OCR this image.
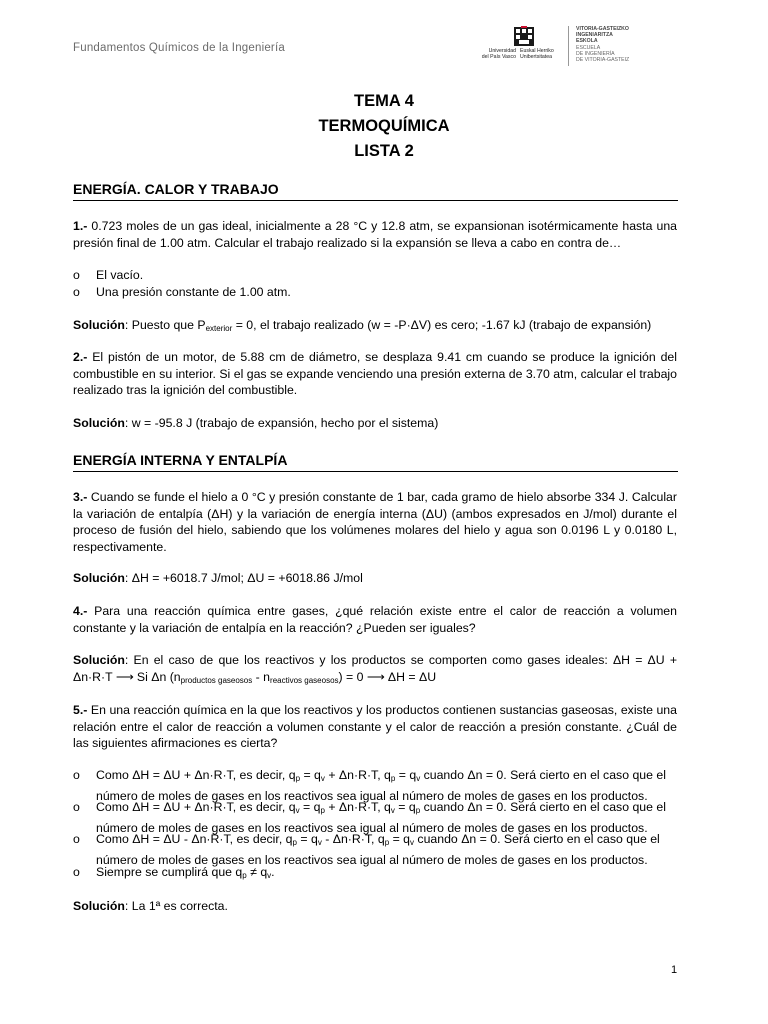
Fundamentos Químicos de la Ingeniería	Universidad
del País Vasco
Euskal Herriko
Unibertsitatea
VITORIA-GASTEIZKO
INGENIARITZA
ESKOLA
ESCUELA
DE INGENIERÍA
DE VITORIA-GASTEIZ
TEMA 4
TERMOQUÍMICA
LISTA 2
ENERGÍA. CALOR Y TRABAJO
1.- 0.723 moles de un gas ideal, inicialmente a 28 °C y 12.8 atm, se expansionan isotérmicamente hasta una presión final de 1.00 atm. Calcular el trabajo realizado si la expansión se lleva a cabo en contra de…
o El vacío.
o Una presión constante de 1.00 atm.
Solución: Puesto que $P_{exterior} = 0$, el trabajo realizado (w = -P·ΔV) es cero; -1.67 kJ (trabajo de expansión)
2.- El pistón de un motor, de 5.88 cm de diámetro, se desplaza 9.41 cm cuando se produce la ignición del combustible en su interior. Si el gas se expande venciendo una presión externa de 3.70 atm, calcular el trabajo realizado tras la ignición del combustible.
Solución: w = -95.8 J (trabajo de expansión, hecho por el sistema)
ENERGÍA INTERNA Y ENTALPÍA
3.- Cuando se funde el hielo a 0 °C y presión constante de 1 bar, cada gramo de hielo absorbe 334 J. Calcular la variación de entalpía (ΔH) y la variación de energía interna (ΔU) (ambos expresados en J/mol) durante el proceso de fusión del hielo, sabiendo que los volúmenes molares del hielo y agua son 0.0196 L y 0.0180 L, respectivamente.
Solución: ΔH = +6018.7 J/mol; ΔU = +6018.86 J/mol
4.- Para una reacción química entre gases, ¿qué relación existe entre el calor de reacción a volumen constante y la variación de entalpía en la reacción? ¿Pueden ser iguales?
Solución: En el caso de que los reactivos y los productos se comporten como gases ideales: ΔH = ΔU + Δn·R·T ⟶ Si Δn $(n_{productos gaseosos} - n_{reactivos gaseosos}) = 0$ ⟶ ΔH = ΔU
5.- En una reacción química en la que los reactivos y los productos contienen sustancias gaseosas, existe una relación entre el calor de reacción a volumen constante y el calor de reacción a presión constante. ¿Cuál de las siguientes afirmaciones es cierta?
o Como ΔH = ΔU + Δn·R·T, es decir, $q_p = q_v + \Delta n\cdot R\cdot T$, $q_p = q_v$ cuando Δn = 0. Será cierto en el caso que el número de moles de gases en los reactivos sea igual al número de moles de gases en los productos.
o Como ΔH = ΔU + Δn·R·T, es decir, $q_v = q_p + \Delta n\cdot R\cdot T$, $q_v = q_p$ cuando Δn = 0. Será cierto en el caso que el número de moles de gases en los reactivos sea igual al número de moles de gases en los productos.
o Como ΔH = ΔU - Δn·R·T, es decir, $q_p = q_v - \Delta n\cdot R\cdot T$, $q_p = q_v$ cuando Δn = 0. Será cierto en el caso que el número de moles de gases en los reactivos sea igual al número de moles de gases en los productos.
o Siempre se cumplirá que $q_p \ne q_v$.
Solución: La 1ª es correcta.
1
